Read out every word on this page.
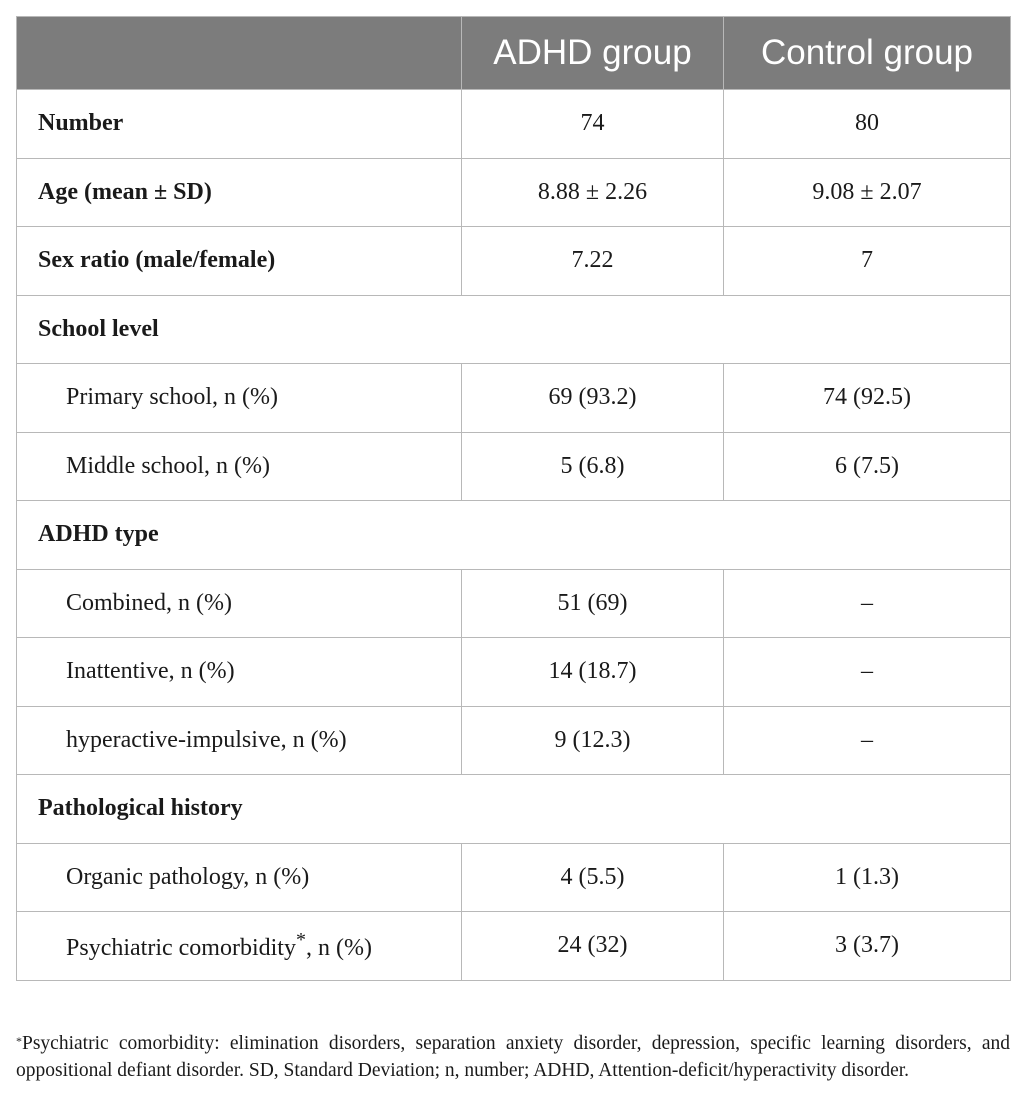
	ADHD group	Control group
Number	74	80
Age (mean ± SD)	8.88 ± 2.26	9.08 ± 2.07
Sex ratio (male/female)	7.22	7
School level		
Primary school, n (%)	69 (93.2)	74 (92.5)
Middle school, n (%)	5 (6.8)	6 (7.5)
ADHD type		
Combined, n (%)	51 (69)	–
Inattentive, n (%)	14 (18.7)	–
hyperactive-impulsive, n (%)	9 (12.3)	–
Pathological history		
Organic pathology, n (%)	4 (5.5)	1 (1.3)
Psychiatric comorbidity*, n (%)	24 (32)	3 (3.7)

*Psychiatric comorbidity: elimination disorders, separation anxiety disorder, depression, specific learning disorders, and oppositional defiant disorder. SD, Standard Deviation; n, number; ADHD, Attention-deficit/hyperactivity disorder.
